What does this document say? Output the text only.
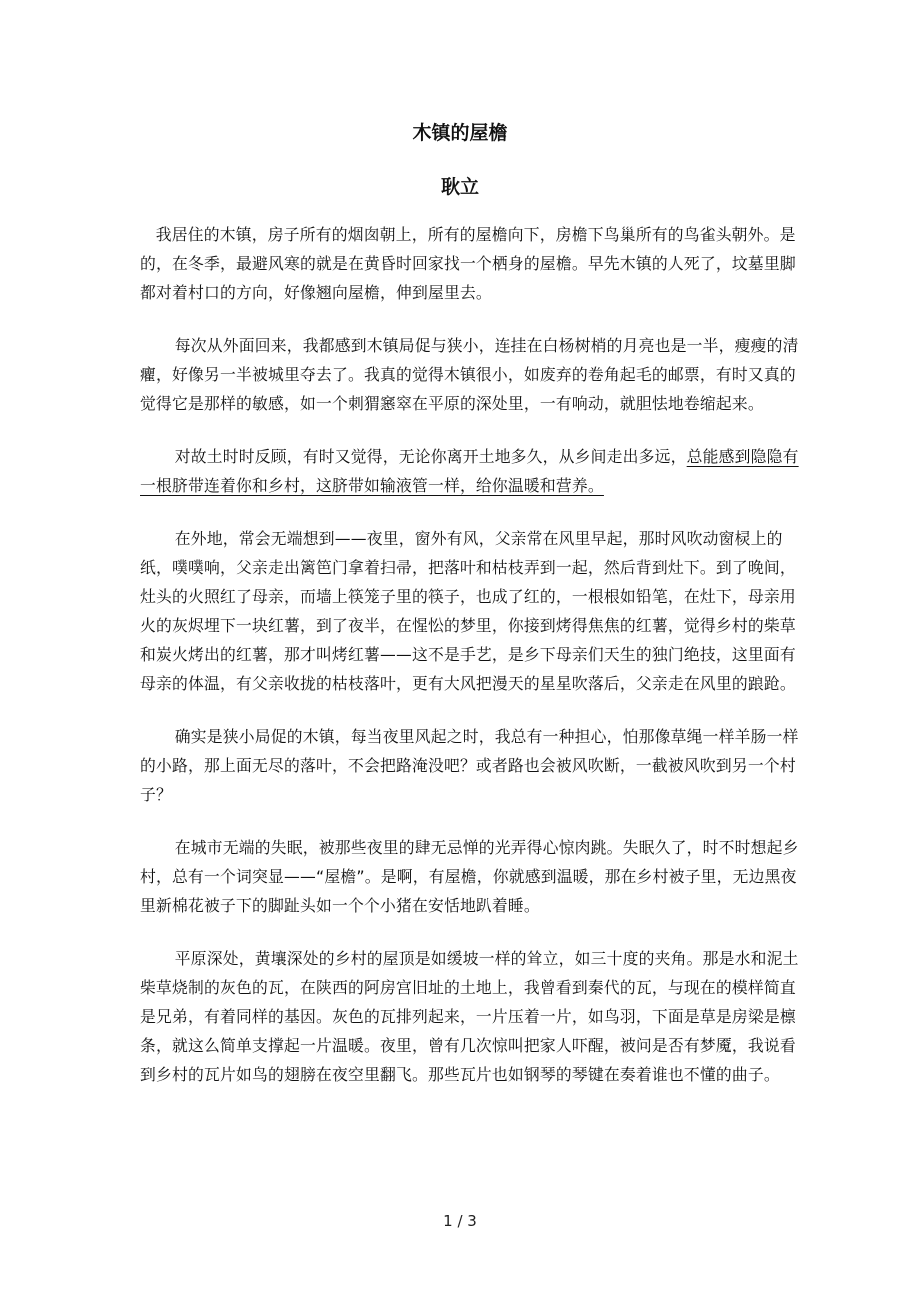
木镇的屋檐
耿立

我居住的木镇，房子所有的烟囱朝上，所有的屋檐向下，房檐下鸟巢所有的鸟雀头朝外。是的，在冬季，最避风寒的就是在黄昏时回家找一个栖身的屋檐。早先木镇的人死了，坟墓里脚都对着村口的方向，好像翘向屋檐，伸到屋里去。

每次从外面回来，我都感到木镇局促与狭小，连挂在白杨树梢的月亮也是一半，瘦瘦的清癯，好像另一半被城里夺去了。我真的觉得木镇很小，如废弃的卷角起毛的邮票，有时又真的觉得它是那样的敏感，如一个刺猬窸窣在平原的深处里，一有响动，就胆怯地卷缩起来。

对故土时时反顾，有时又觉得，无论你离开土地多久，从乡间走出多远，总能感到隐隐有一根脐带连着你和乡村，这脐带如输液管一样，给你温暖和营养。

在外地，常会无端想到——夜里，窗外有风，父亲常在风里早起，那时风吹动窗棂上的纸，噗噗响，父亲走出篱笆门拿着扫帚，把落叶和枯枝弄到一起，然后背到灶下。到了晚间，灶头的火照红了母亲，而墙上筷笼子里的筷子，也成了红的，一根根如铅笔，在灶下，母亲用火的灰烬埋下一块红薯，到了夜半，在惺忪的梦里，你接到烤得焦焦的红薯，觉得乡村的柴草和炭火烤出的红薯，那才叫烤红薯——这不是手艺，是乡下母亲们天生的独门绝技，这里面有母亲的体温，有父亲收拢的枯枝落叶，更有大风把漫天的星星吹落后，父亲走在风里的踉跄。

确实是狭小局促的木镇，每当夜里风起之时，我总有一种担心，怕那像草绳一样羊肠一样的小路，那上面无尽的落叶，不会把路淹没吧？或者路也会被风吹断，一截被风吹到另一个村子？

在城市无端的失眠，被那些夜里的肆无忌惮的光弄得心惊肉跳。失眠久了，时不时想起乡村，总有一个词突显——“屋檐”。是啊，有屋檐，你就感到温暖，那在乡村被子里，无边黑夜里新棉花被子下的脚趾头如一个个小猪在安恬地趴着睡。

平原深处，黄壤深处的乡村的屋顶是如缓坡一样的耸立，如三十度的夹角。那是水和泥土柴草烧制的灰色的瓦，在陕西的阿房宫旧址的土地上，我曾看到秦代的瓦，与现在的模样简直是兄弟，有着同样的基因。灰色的瓦排列起来，一片压着一片，如鸟羽，下面是草是房梁是檩条，就这么简单支撑起一片温暖。夜里，曾有几次惊叫把家人吓醒，被问是否有梦魇，我说看到乡村的瓦片如鸟的翅膀在夜空里翻飞。那些瓦片也如钢琴的琴键在奏着谁也不懂的曲子。

1 / 3
